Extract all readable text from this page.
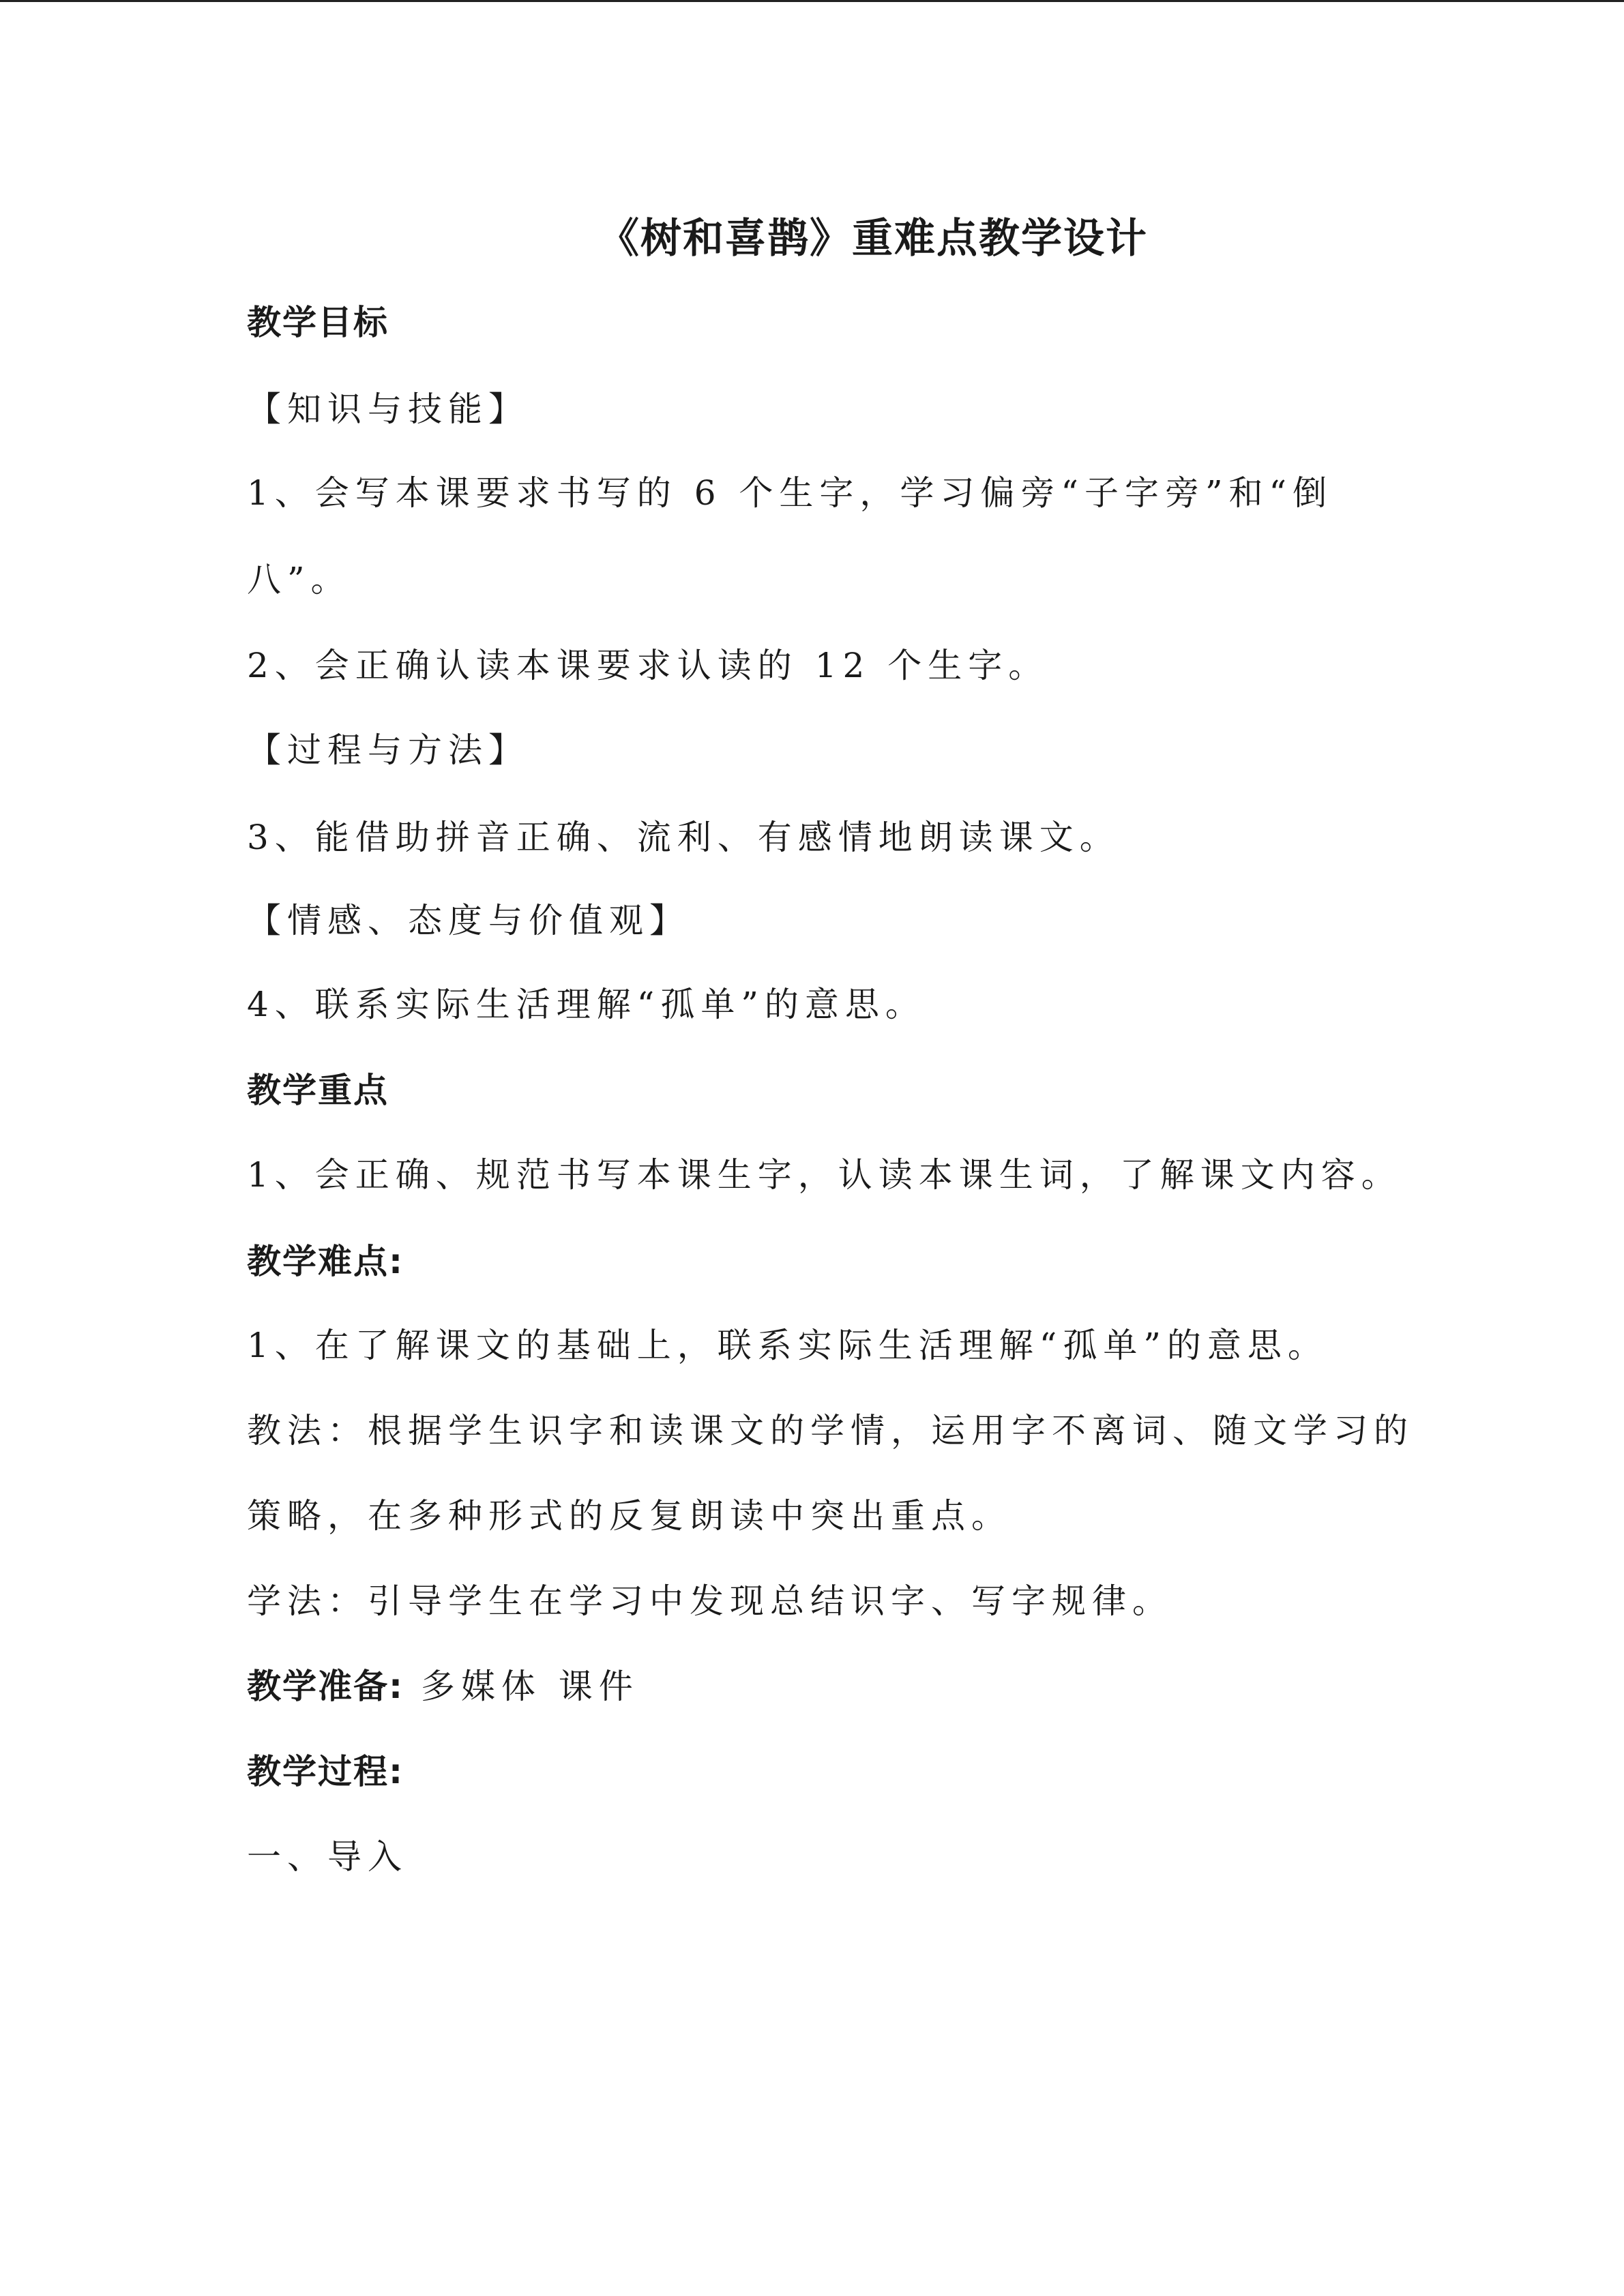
《树和喜鹊》重难点教学设计

教学目标

【知识与技能】

1、会写本课要求书写的 6 个生字，学习偏旁“子字旁”和“倒

八”。

2、会正确认读本课要求认读的 12 个生字。

【过程与方法】

3、能借助拼音正确、流利、有感情地朗读课文。

【情感、态度与价值观】

4、联系实际生活理解“孤单”的意思。

教学重点

1、会正确、规范书写本课生字，认读本课生词，了解课文内容。

教学难点:

1、在了解课文的基础上，联系实际生活理解“孤单”的意思。

教法：根据学生识字和读课文的学情，运用字不离词、随文学习的

策略，在多种形式的反复朗读中突出重点。

学法：引导学生在学习中发现总结识字、写字规律。

教学准备: 多媒体 课件

教学过程:

一、导入
